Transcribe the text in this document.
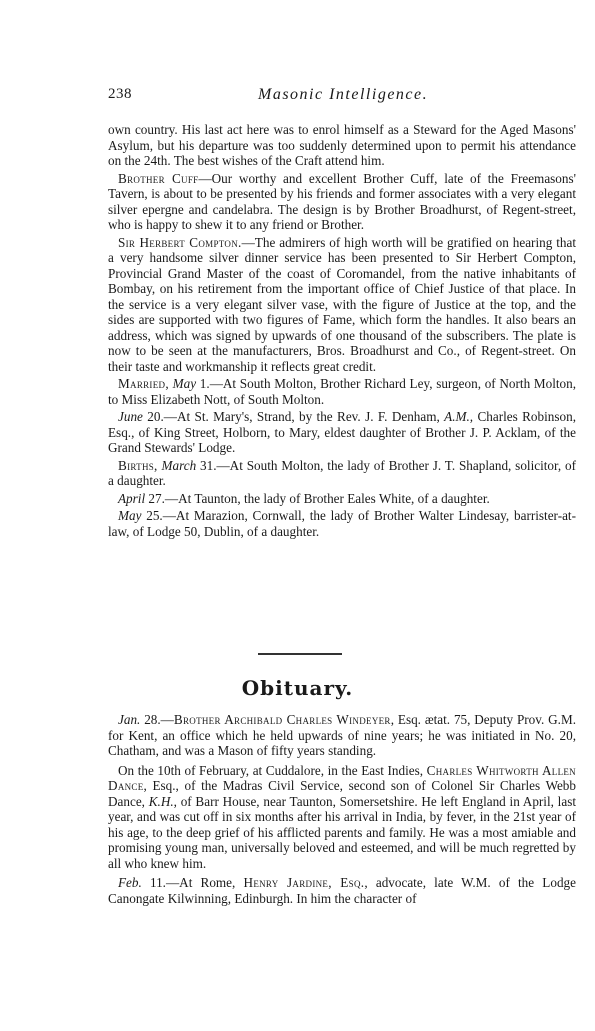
238	Masonic Intelligence.

own country. His last act here was to enrol himself as a Steward for the Aged Masons' Asylum, but his departure was too suddenly determined upon to permit his attendance on the 24th. The best wishes of the Craft attend him.

Brother Cuff—Our worthy and excellent Brother Cuff, late of the Freemasons' Tavern, is about to be presented by his friends and former associates with a very elegant silver epergne and candelabra. The design is by Brother Broadhurst, of Regent-street, who is happy to shew it to any friend or Brother.

Sir Herbert Compton.—The admirers of high worth will be gratified on hearing that a very handsome silver dinner service has been presented to Sir Herbert Compton, Provincial Grand Master of the coast of Coromandel, from the native inhabitants of Bombay, on his retirement from the important office of Chief Justice of that place. In the service is a very elegant silver vase, with the figure of Justice at the top, and the sides are supported with two figures of Fame, which form the handles. It also bears an address, which was signed by upwards of one thousand of the subscribers. The plate is now to be seen at the manufacturers, Bros. Broadhurst and Co., of Regent-street. On their taste and workmanship it reflects great credit.

Married, May 1.—At South Molton, Brother Richard Ley, surgeon, of North Molton, to Miss Elizabeth Nott, of South Molton.

June 20.—At St. Mary's, Strand, by the Rev. J. F. Denham, A.M., Charles Robinson, Esq., of King Street, Holborn, to Mary, eldest daughter of Brother J. P. Acklam, of the Grand Stewards' Lodge.

Births, March 31.—At South Molton, the lady of Brother J. T. Shapland, solicitor, of a daughter.

April 27.—At Taunton, the lady of Brother Eales White, of a daughter.

May 25.—At Marazion, Cornwall, the lady of Brother Walter Lindesay, barrister-at-law, of Lodge 50, Dublin, of a daughter.

Obituary.

Jan. 28.—Brother Archibald Charles Windeyer, Esq. ætat. 75, Deputy Prov. G.M. for Kent, an office which he held upwards of nine years; he was initiated in No. 20, Chatham, and was a Mason of fifty years standing.

On the 10th of February, at Cuddalore, in the East Indies, Charles Whitworth Allen Dance, Esq., of the Madras Civil Service, second son of Colonel Sir Charles Webb Dance, K.H., of Barr House, near Taunton, Somersetshire. He left England in April, last year, and was cut off in six months after his arrival in India, by fever, in the 21st year of his age, to the deep grief of his afflicted parents and family. He was a most amiable and promising young man, universally beloved and esteemed, and will be much regretted by all who knew him.

Feb. 11.—At Rome, Henry Jardine, Esq., advocate, late W.M. of the Lodge Canongate Kilwinning, Edinburgh. In him the character of
